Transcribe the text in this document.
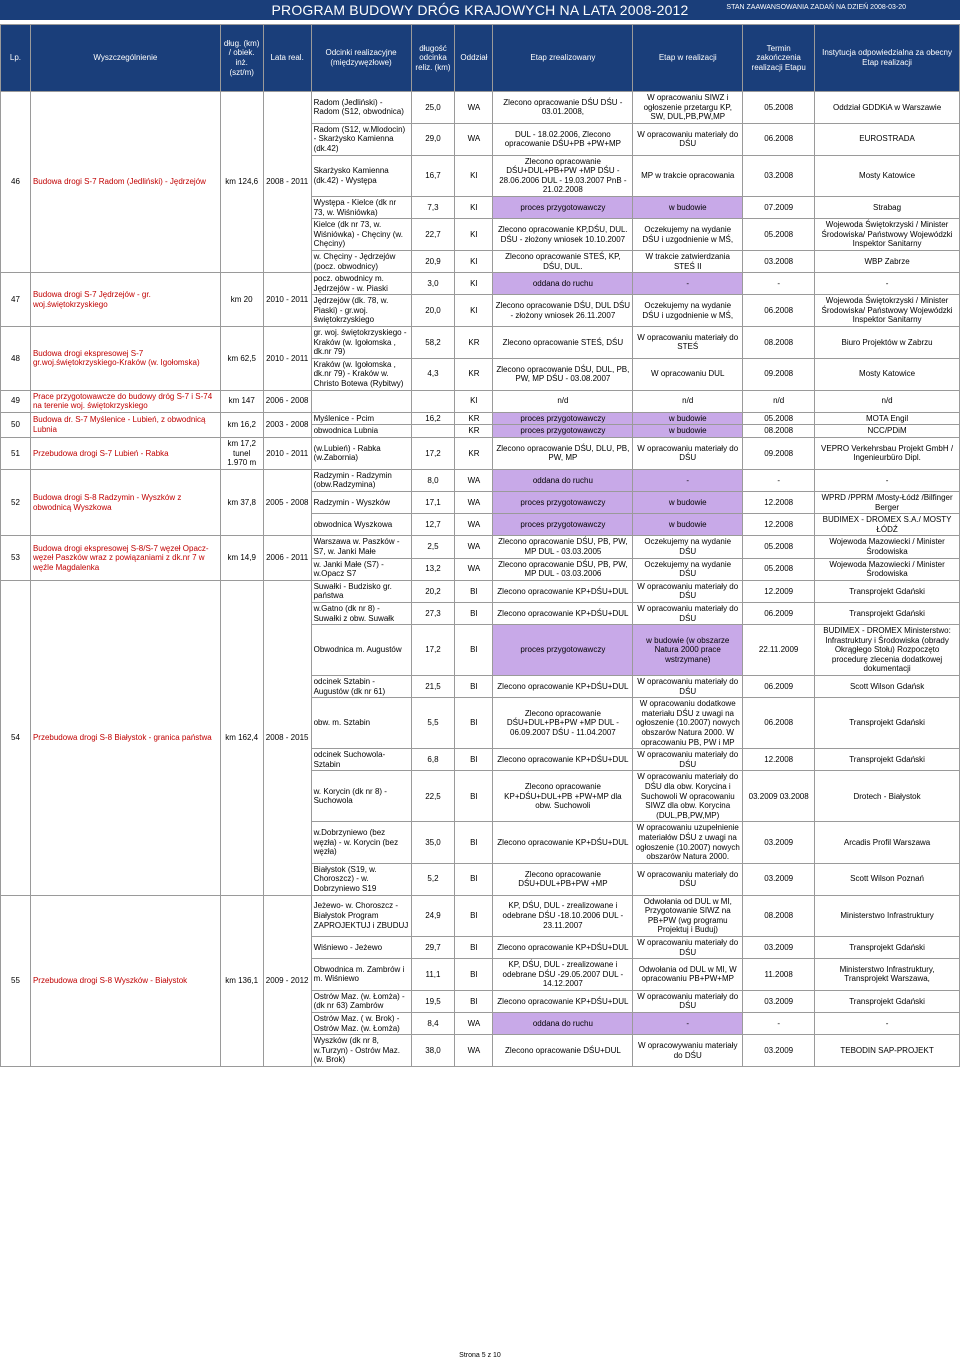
PROGRAM BUDOWY DRÓG KRAJOWYCH NA LATA 2008-2012	STAN ZAAWANSOWANIA ZADAŃ NA DZIEŃ 2008-03-20
Lp.	Wyszczególnienie	dług. (km) / obiek. inż. (szt/m)	Lata real.	Odcinki realizacyjne (międzywęzłowe)	długość odcinka reliz. (km)	Oddział	Etap zrealizowany	Etap w realizacji	Termin zakończenia realizacji Etapu	Instytucja odpowiedzialna za obecny Etap realizacji
46	Budowa drogi S-7 Radom (Jedliński) - Jędrzejów	km 124,6	2008 - 2011	Radom (Jedliński) - Radom (S12, obwodnica)	25,0	WA	Zlecono opracowanie DŚU DŚU - 03.01.2008,	W opracowaniu SIWZ i ogłoszenie przetargu KP, SW, DUL,PB,PW,MP	05.2008	Oddział GDDKiA w Warszawie
				Radom (S12, w.Mlodocin) - Skarżysko Kamienna (dk.42)	29,0	WA	DUL - 18.02.2006, Zlecono opracowanie DŚU+PB +PW+MP	W opracowaniu materiały do DŚU	06.2008	EUROSTRADA
				Skarżysko Kamienna (dk.42) - Występa	16,7	KI	Zlecono opracowanie DŚU+DUL+PB+PW +MP DŚU - 28.06.2006 DUL - 19.03.2007 PnB - 21.02.2008	MP w trakcie opracowania	03.2008	Mosty Katowice
				Występa - Kielce (dk nr 73, w. Wiśniówka)	7,3	KI	proces przygotowawczy	w budowie	07.2009	Strabag
				Kielce (dk nr 73, w. Wiśniówka) - Chęciny (w. Chęciny)	22,7	KI	Zlecono opracowanie KP,DŚU, DUL. DŚU - złożony wniosek 10.10.2007	Oczekujemy na wydanie DŚU i uzgodnienie w MŚ,	05.2008	Wojewoda Świętokrzyski / Minister Środowiska/ Państwowy Wojewódzki Inspektor Sanitarny
				w. Chęciny - Jędrzejów (pocz. obwodnicy)	20,9	KI	Zlecono opracowanie STEŚ, KP, DŚU, DUL.	W trakcie zatwierdzania STEŚ II	03.2008	WBP Zabrze
47	Budowa drogi S-7 Jędrzejów - gr. woj.świętokrzyskiego	km 20	2010 - 2011	pocz. obwodnicy m. Jędrzejów - w. Piaski	3,0	KI	oddana do ruchu	-	-	-
				Jędrzejów (dk. 78, w. Piaski) - gr.woj. świętokrzyskiego	20,0	KI	Zlecono opracowanie DŚU, DUL DŚU - złożony wniosek 26.11.2007	Oczekujemy na wydanie DŚU i uzgodnienie w MŚ,	06.2008	Wojewoda Świętokrzyski / Minister Środowiska/ Państwowy Wojewódzki Inspektor Sanitarny
48	Budowa drogi ekspresowej S-7 gr.woj.świętokrzyskiego-Kraków (w. Igołomska)	km 62,5	2010 - 2011	gr. woj. świętokrzyskiego - Kraków (w. Igołomska , dk.nr 79)	58,2	KR	Zlecono opracowanie STEŚ, DŚU	W opracowaniu materiały do STEŚ	08.2008	Biuro Projektów w Zabrzu
				Kraków (w. Igołomska , dk.nr 79) - Kraków w. Christo Botewa (Rybitwy)	4,3	KR	Zlecono opracowanie DŚU, DUL, PB, PW, MP DŚU - 03.08.2007	W opracowaniu DUL	09.2008	Mosty Katowice
49	Prace przygotowawcze do budowy dróg S-7 i S-74 na terenie woj. świętokrzyskiego	km 147	2006 - 2008			KI	n/d	n/d	n/d	n/d
50	Budowa dr. S-7 Myślenice - Lubień, z obwodnicą Lubnia	km 16,2	2003 - 2008	Myślenice - Pcim	16,2	KR	proces przygotowawczy	w budowie	05.2008	MOTA Engil
				obwodnica Lubnia		KR	proces przygotowawczy	w budowie	08.2008	NCC/PDiM
51	Przebudowa drogi S-7 Lubień - Rabka	km 17,2 tunel 1.970 m	2010 - 2011	(w.Lubień) - Rabka (w.Zabornia)	17,2	KR	Zlecono opracowanie DŚU, DLU, PB, PW, MP	W opracowaniu materiały do DŚU	09.2008	VEPRO Verkehrsbau Projekt GmbH / Ingenieurbüro Dipl.
52	Budowa drogi S-8 Radzymin - Wyszków z obwodnicą Wyszkowa	km 37,8	2005 - 2008	Radzymin - Radzymin (obw.Radzymina)	8,0	WA	oddana do ruchu	-	-	-
				Radzymin - Wyszków	17,1	WA	proces przygotowawczy	w budowie	12.2008	WPRD /PPRM /Mosty-Łódź /Bilfinger Berger
				obwodnica Wyszkowa	12,7	WA	proces przygotowawczy	w budowie	12.2008	BUDIMEX - DROMEX S.A./ MOSTY ŁÓDŹ
53	Budowa drogi ekspresowej S-8/S-7 węzeł Opacz-węzeł Paszków wraz z powiązaniami z dk.nr 7 w węźle Magdalenka	km 14,9	2006 - 2011	Warszawa w. Paszków - S7, w. Janki Małe	2,5	WA	Zlecono opracowanie DŚU, PB, PW, MP DUL - 03.03.2005	Oczekujemy na wydanie DŚU	05.2008	Wojewoda Mazowiecki / Minister Środowiska
				w. Janki Małe (S7) - w.Opacz S7	13,2	WA	Zlecono opracowanie DŚU, PB, PW, MP DUL - 03.03.2006	Oczekujemy na wydanie DŚU	05.2008	Wojewoda Mazowiecki / Minister Środowiska
54	Przebudowa drogi S-8 Białystok - granica państwa	km 162,4	2008 - 2015	Suwałki - Budzisko gr. państwa	20,2	BI	Zlecono opracowanie KP+DŚU+DUL	W opracowaniu materiały do DŚU	12.2009	Transprojekt Gdański
				w.Gatno (dk nr 8) - Suwałki z obw. Suwałk	27,3	BI	Zlecono opracowanie KP+DŚU+DUL	W opracowaniu materiały do DŚU	06.2009	Transprojekt Gdański
				Obwodnica m. Augustów	17,2	BI	proces przygotowawczy	w budowie (w obszarze Natura 2000 prace wstrzymane)	22.11.2009	BUDIMEX - DROMEX Ministerstwo: Infrastruktury i Środowiska (obrady Okrągłego Stołu) Rozpoczęto procedurę zlecenia dodatkowej dokumentacji
				odcinek Sztabin - Augustów (dk nr 61)	21,5	BI	Zlecono opracowanie KP+DŚU+DUL	W opracowaniu materiały do DŚU	06.2009	Scott Wilson Gdańsk
				obw. m. Sztabin	5,5	BI	Zlecono opracowanie DŚU+DUL+PB+PW +MP DUL - 06.09.2007 DŚU - 11.04.2007	W opracowaniu dodatkowe materiału DŚU z uwagi na ogłoszenie (10.2007) nowych obszarów Natura 2000. W opracowaniu PB, PW i MP	06.2008	Transprojekt Gdański
				odcinek Suchowola-Sztabin	6,8	BI	Zlecono opracowanie KP+DŚU+DUL	W opracowaniu materiały do DŚU	12.2008	Transprojekt Gdański
				w. Korycin (dk nr 8) - Suchowola	22,5	BI	Zlecono opracowanie KP+DŚU+DUL+PB +PW+MP dla obw. Suchowoli	W opracowaniu materiały do DŚU dla obw. Korycina i Suchowoli W opracowaniu SIWZ dla obw. Korycina (DUL,PB,PW,MP)	03.2009 03.2008	Drotech - Białystok
				w.Dobrzyniewo (bez węzła) - w. Korycin (bez węzła)	35,0	BI	Zlecono opracowanie KP+DŚU+DUL	W opracowaniu uzupełnienie materiałów DŚU z uwagi na ogłoszenie (10.2007) nowych obszarów Natura 2000.	03.2009	Arcadis Profil Warszawa
				Białystok (S19, w. Choroszcz) - w. Dobrzyniewo S19	5,2	BI	Zlecono opracowanie DŚU+DUL+PB+PW +MP	W opracowaniu materiały do DŚU	03.2009	Scott Wilson Poznań
55	Przebudowa drogi S-8 Wyszków - Białystok	km 136,1	2009 - 2012	Jeżewo- w. Choroszcz - Białystok Program ZAPROJEKTUJ i ZBUDUJ	24,9	BI	KP, DŚU, DUL - zrealizowane i odebrane DŚU -18.10.2006 DUL - 23.11.2007	Odwołania od DUL w MI, Przygotowanie SIWZ na PB+PW (wg programu Projektuj i Buduj)	08.2008	Ministerstwo Infrastruktury
				Wiśniewo - Jeżewo	29,7	BI	Zlecono opracowanie KP+DŚU+DUL	W opracowaniu materiały do DŚU	03.2009	Transprojekt Gdański
				Obwodnica m. Zambrów i m. Wiśniewo	11,1	BI	KP, DŚU, DUL - zrealizowane i odebrane DŚU -29.05.2007 DUL - 14.12.2007	Odwołania od DUL w MI, W opracowaniu PB+PW+MP	11.2008	Ministerstwo Infrastruktury, Transprojekt Warszawa,
				Ostrów Maz. (w. Łomża) - (dk nr 63) Zambrów	19,5	BI	Zlecono opracowanie KP+DŚU+DUL	W opracowaniu materiały do DŚU	03.2009	Transprojekt Gdański
				Ostrów Maz. ( w. Brok) - Ostrów Maz. (w. Łomża)	8,4	WA	oddana do ruchu	-	-	-
				Wyszków (dk nr 8, w.Turzyn) - Ostrów Maz. (w. Brok)	38,0	WA	Zlecono opracowanie DŚU+DUL	W opracowywaniu materiały do DŚU	03.2009	TEBODIN SAP-PROJEKT
Strona 5 z 10
